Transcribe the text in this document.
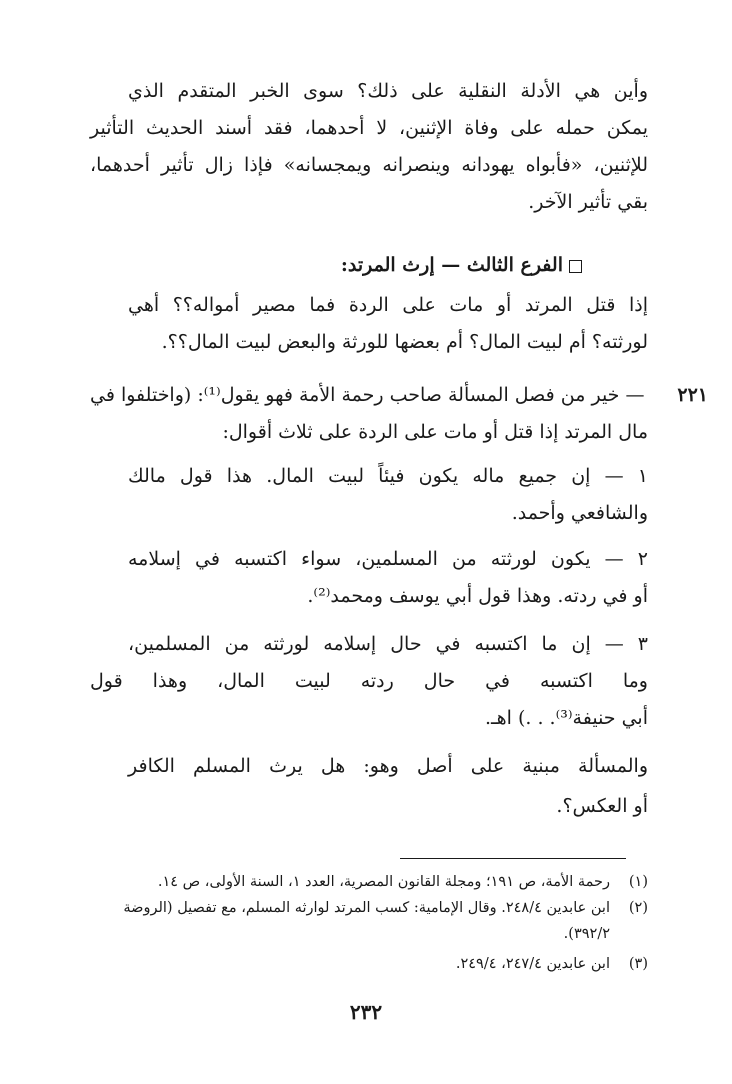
وأين هي الأدلة النقلية على ذلك؟ سوى الخبر المتقدم الذي
يمكن حمله على وفاة الإثنين، لا أحدهما، فقد أسند الحديث التأثير
للإثنين، «فأبواه يهودانه وينصرانه ويمجسانه» فإذا زال تأثير أحدهما،
بقي تأثير الآخر.
الفرع الثالث — إرث المرتد:
إذا قتل المرتد أو مات على الردة فما مصير أمواله؟؟ أهي
لورثته؟ أم لبيت المال؟ أم بعضها للورثة والبعض لبيت المال؟؟.
٢٢١
— خير من فصل المسألة صاحب رحمة الأمة فهو يقول⁽¹⁾: (واختلفوا في
مال المرتد إذا قتل أو مات على الردة على ثلاث أقوال:
١ — إن جميع ماله يكون فيئاً لبيت المال. هذا قول مالك
والشافعي وأحمد.
٢ — يكون لورثته من المسلمين، سواء اكتسبه في إسلامه
أو في ردته. وهذا قول أبي يوسف ومحمد⁽²⁾.
٣ — إن ما اكتسبه في حال إسلامه لورثته من المسلمين،
وما اكتسبه في حال ردته لبيت المال، وهذا قول
أبي حنيفة⁽³⁾. . .) اهـ.
والمسألة مبنية على أصل وهو: هل يرث المسلم الكافر
أو العكس؟.
(١)رحمة الأمة، ص ١٩١؛ ومجلة القانون المصرية، العدد ١، السنة الأولى، ص ١٤.
(٢)ابن عابدين ٢٤٨/٤. وقال الإمامية: كسب المرتد لوارثه المسلم، مع تفصيل (الروضة
٣٩٢/٢).
(٣)ابن عابدين ٢٤٧/٤، ٢٤٩/٤.
٢٣٢
